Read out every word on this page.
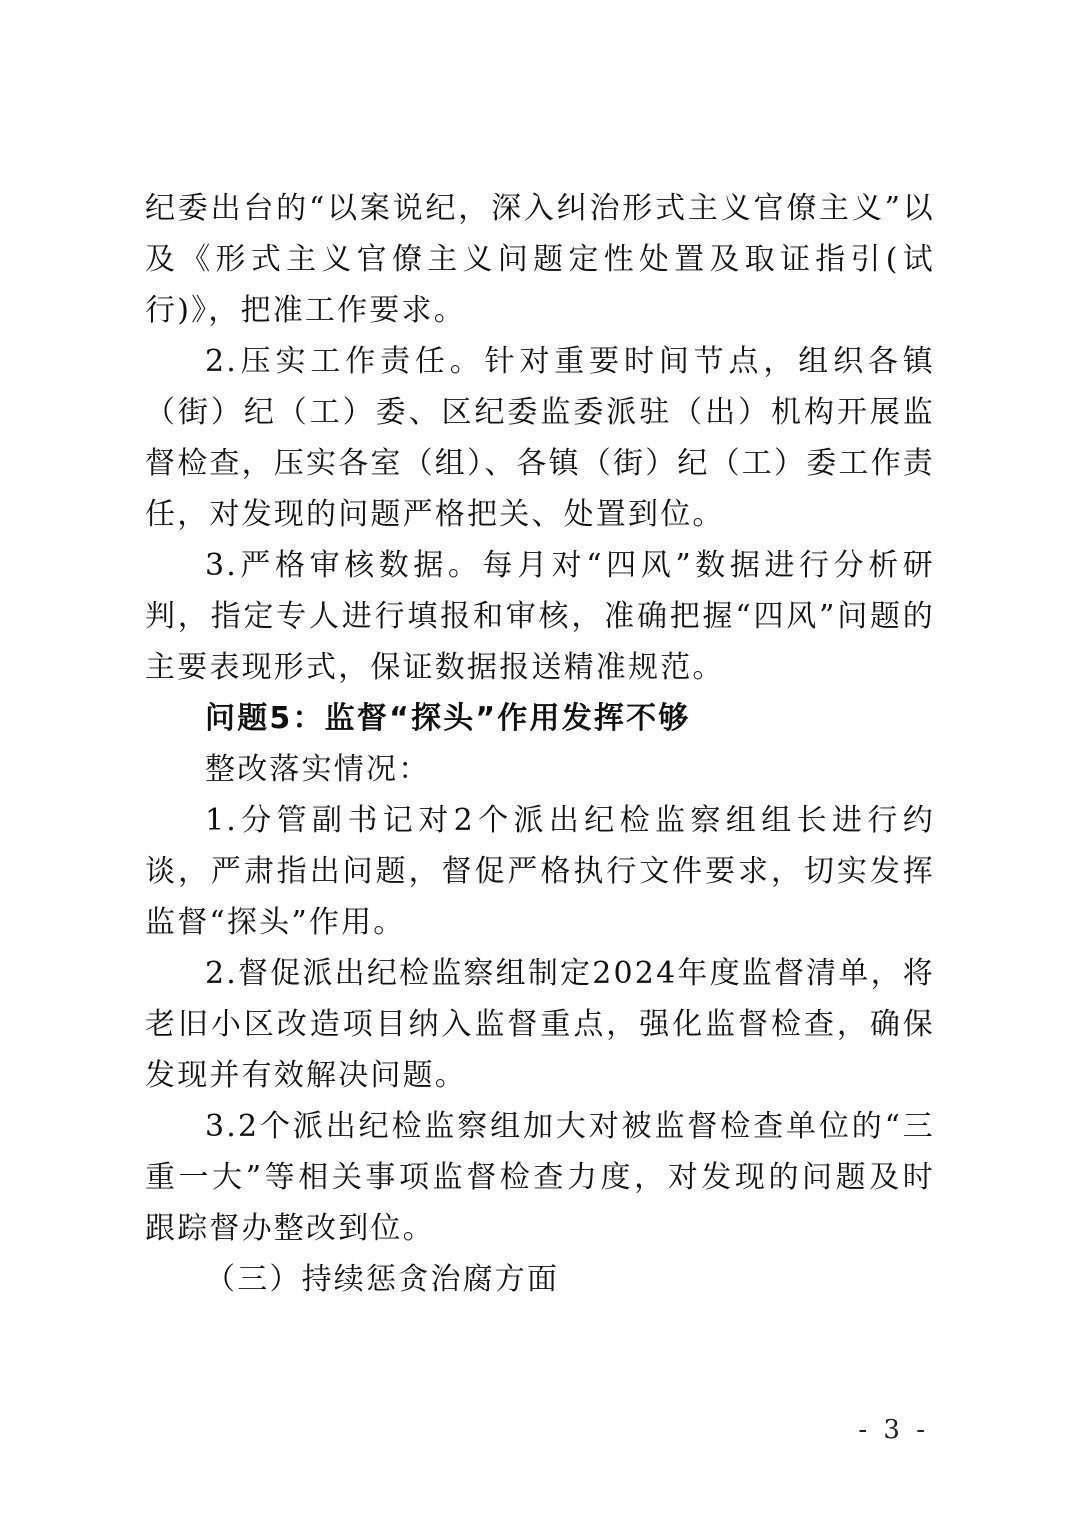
纪委出台的“以案说纪，深入纠治形式主义官僚主义”以及《形式主义官僚主义问题定性处置及取证指引(试行)》，把准工作要求。

2.压实工作责任。针对重要时间节点，组织各镇（街）纪（工）委、区纪委监委派驻（出）机构开展监督检查，压实各室（组）、各镇（街）纪（工）委工作责任，对发现的问题严格把关、处置到位。

3.严格审核数据。每月对“四风”数据进行分析研判，指定专人进行填报和审核，准确把握“四风”问题的主要表现形式，保证数据报送精准规范。

问题5：监督“探头”作用发挥不够

整改落实情况：

1.分管副书记对2个派出纪检监察组组长进行约谈，严肃指出问题，督促严格执行文件要求，切实发挥监督“探头”作用。

2.督促派出纪检监察组制定2024年度监督清单，将老旧小区改造项目纳入监督重点，强化监督检查，确保发现并有效解决问题。

3.2个派出纪检监察组加大对被监督检查单位的“三重一大”等相关事项监督检查力度，对发现的问题及时跟踪督办整改到位。

（三）持续惩贪治腐方面

- 3 -
